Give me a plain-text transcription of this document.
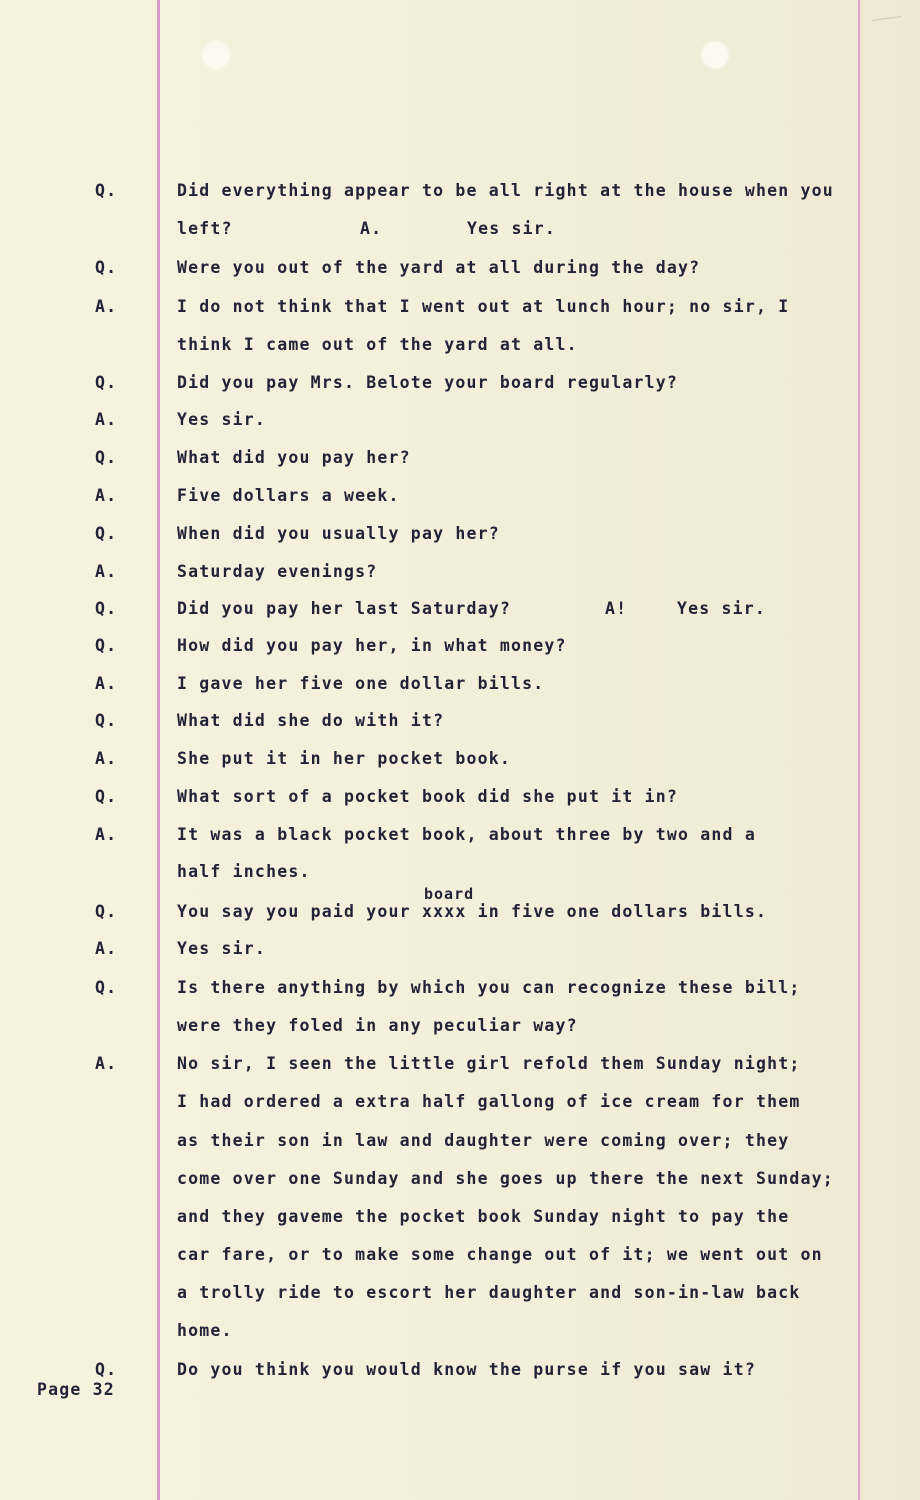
Q.	Did everything appear to be all right at the house when you
left?	A.	Yes sir.
Q.	Were you out of the yard at all during the day?
A.	I do not think that I went out at lunch hour; no sir, I
think I came out of the yard at all.
Q.	Did you pay Mrs. Belote your board regularly?
A.	Yes sir.
Q.	What did you pay her?
A.	Five dollars a week.
Q.	When did you usually pay her?
A.	Saturday evenings?
Q.	Did you pay her last Saturday?	A!	Yes sir.
Q.	How did you pay her, in what money?
A.	I gave her five one dollar bills.
Q.	What did she do with it?
A.	She put it in her pocket book.
Q.	What sort of a pocket book did she put it in?
A.	It was a black pocket book, about three by two and a
half inches.
board
Q.	You say you paid your xxxx in five one dollars bills.
A.	Yes sir.
Q.	Is there anything by which you can recognize these bill;
were they foled in any peculiar way?
A.	No sir, I seen the little girl refold them Sunday night;
I had ordered a extra half gallong of ice cream for them
as their son in law and daughter were coming over; they
come over one Sunday and she goes up there the next Sunday;
and they gaveme the pocket book Sunday night to pay the
car fare, or to make some change out of it; we went out on
a trolly ride to escort her daughter and son-in-law back
home.
Q.	Do you think you would know the purse if you saw it?
Page 32
